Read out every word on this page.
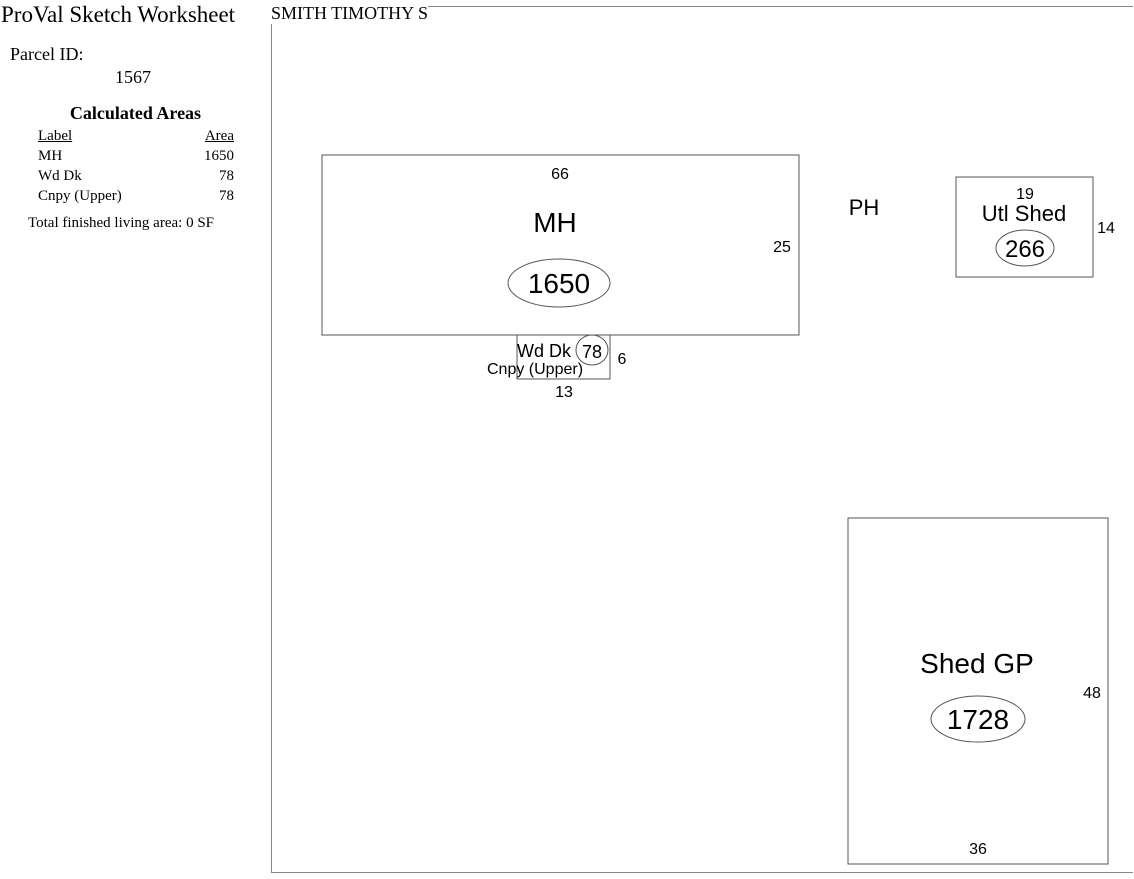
Parcel ID:
1567
Calculated Areas
Label	Area
MH	1650
Wd Dk	78
Cnpy (Upper)	78
Total finished living area: 0 SF
66
MH
1650
25
Wd Dk 78
Cnpy (Upper)
6
13
PH
19
Utl Shed
266
14
Shed GP
1728
48
36
ProVal Sketch Worksheet SMITH TIMOTHY S
